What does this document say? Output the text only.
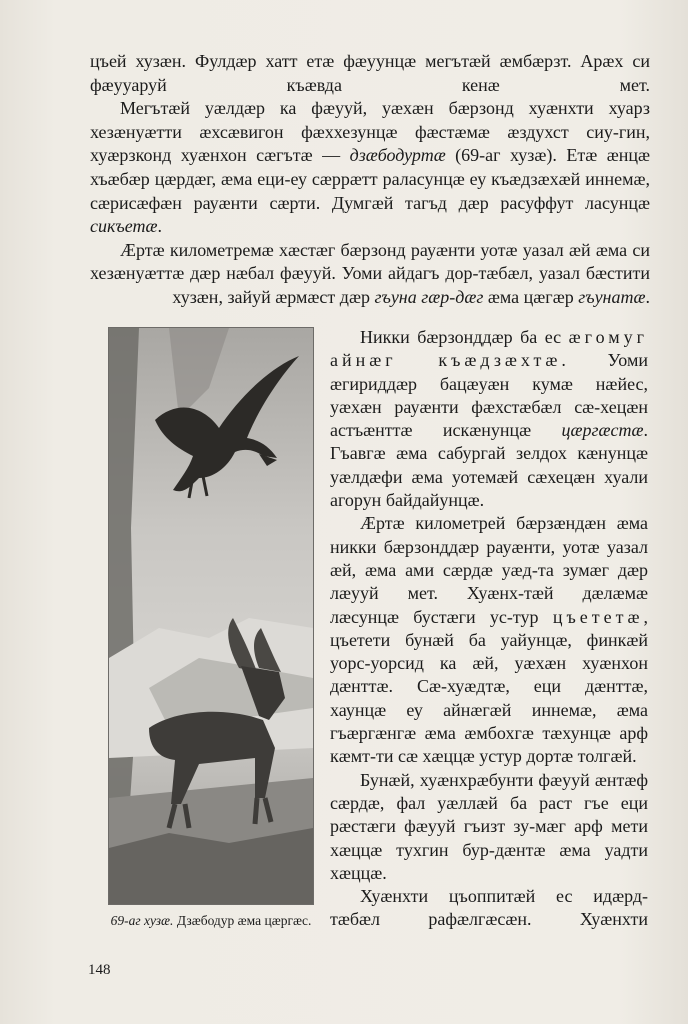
цъей хузæн. Фулдæр хатт етæ фæуунцæ мегътæй æмбæрзт. Арæх си фæууаруй къæвда кенæ мет.

Мегътæй уæлдæр ка фæууй, уæхæн бæрзонд хуæнхти хуарз хезæнуæтти æхсæвигон фæххезунцæ фæстæмæ æздухст сиу-гин, хуæрзконд хуæнхон сæгътæ — дзæбодуртæ (69-аг хузæ). Етæ æнцæ хъæбæр цæрдæг, æма еци-еу сæррæтт раласунцæ еу къæдзæхæй иннемæ, сæрисæфæн рауæнти сæрти. Думгæй тагъд дæр расуффут ласунцæ сикъетæ.

Æртæ километремæ хæстæг бæрзонд рауæнти уотæ уазал æй æма си хезæнуæттæ дæр нæбал фæууй. Уоми айдагъ дор-тæбæл, уазал бæстити хузæн, зайуй æрмæст дæр гъуна гæр-дæг æма цæгæр гъунатæ.

69-аг хузæ. Дзæбодур æма цæргæс.

Никки бæрзонддæр ба ес æгомуг айнæг къæдзæхтæ. Уоми æгириддæр бацæуæн кумæ нæйес, уæхæн рауæнти фæхстæбæл сæ-хецæн астъæнттæ искæнунцæ цæргæстæ. Гъавгæ æма сабургай зелдох кæнунцæ уæлдæфи æма уотемæй сæхецæн хуали агорун байдайунцæ.

Æртæ километрей бæрзæндæн æма никки бæрзонддæр рауæнти, уотæ уазал æй, æма ами сæрдæ уæд-та зумæг дæр лæууй мет. Хуæнх-тæй дæлæмæ лæсунцæ бустæги ус-тур цъететæ, цъетети бунæй ба уайунцæ, финкæй уорс-уорсид ка æй, уæхæн хуæнхон дæнттæ. Сæ-хуæдтæ, еци дæнттæ, хаунцæ еу айнæгæй иннемæ, æма гъæргæнгæ æма æмбохгæ тæхунцæ арф кæмт-ти сæ хæццæ устур дортæ толгæй.

Бунæй, хуæнхрæбунти фæууй æнтæф сæрдæ, фал уæллæй ба раст гъе еци рæстæги фæууй гъизт зу-мæг арф мети хæццæ тухгин бур-дæнтæ æма уадти хæццæ.

Хуæнхти цъоппитæй ес идæрд-тæбæл рафæлгæсæн. Хуæнхти

148
